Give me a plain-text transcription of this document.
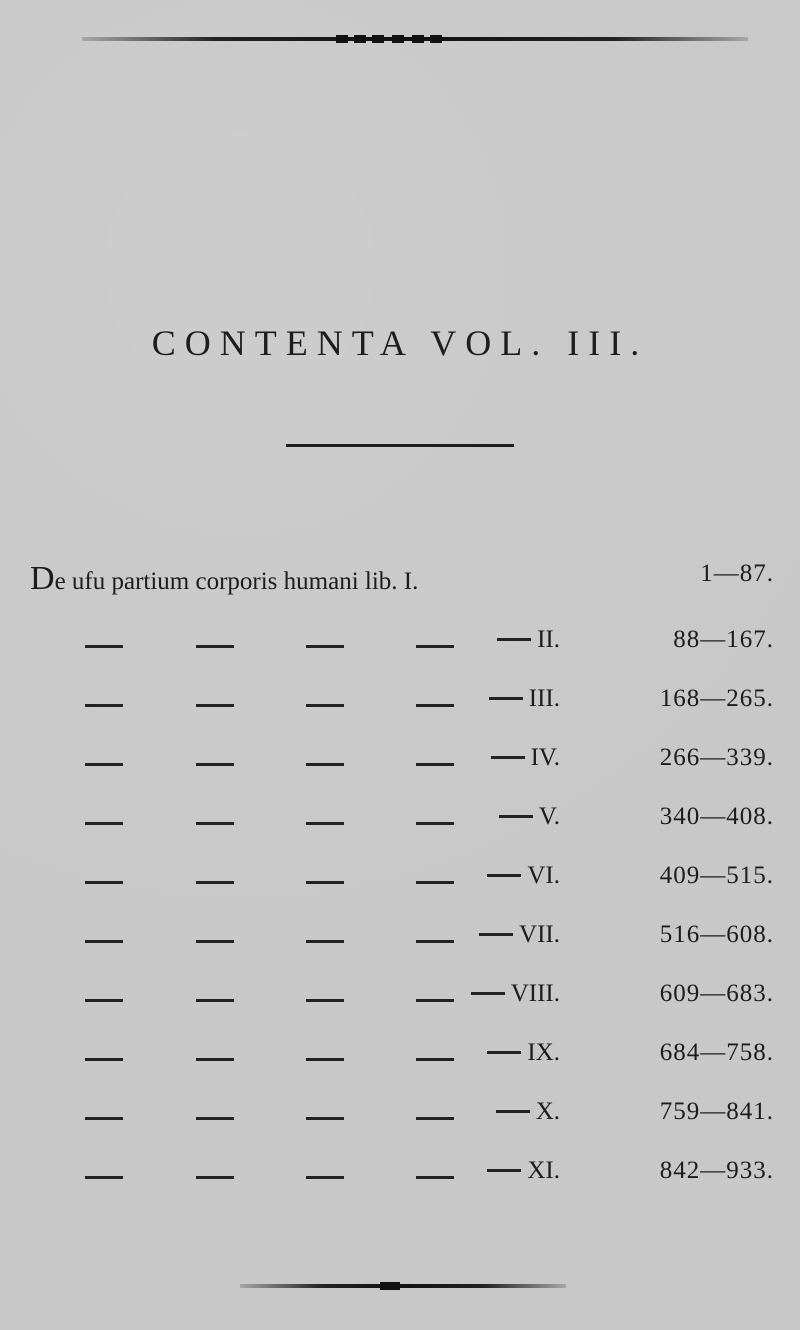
CONTENTA VOL. III.
De ufu partium corporis humani lib. I.	1—87.
II.	88—167.
III.	168—265.
IV.	266—339.
V.	340—408.
VI.	409—515.
VII.	516—608.
VIII.	609—683.
IX.	684—758.
X.	759—841.
XI.	842—933.
